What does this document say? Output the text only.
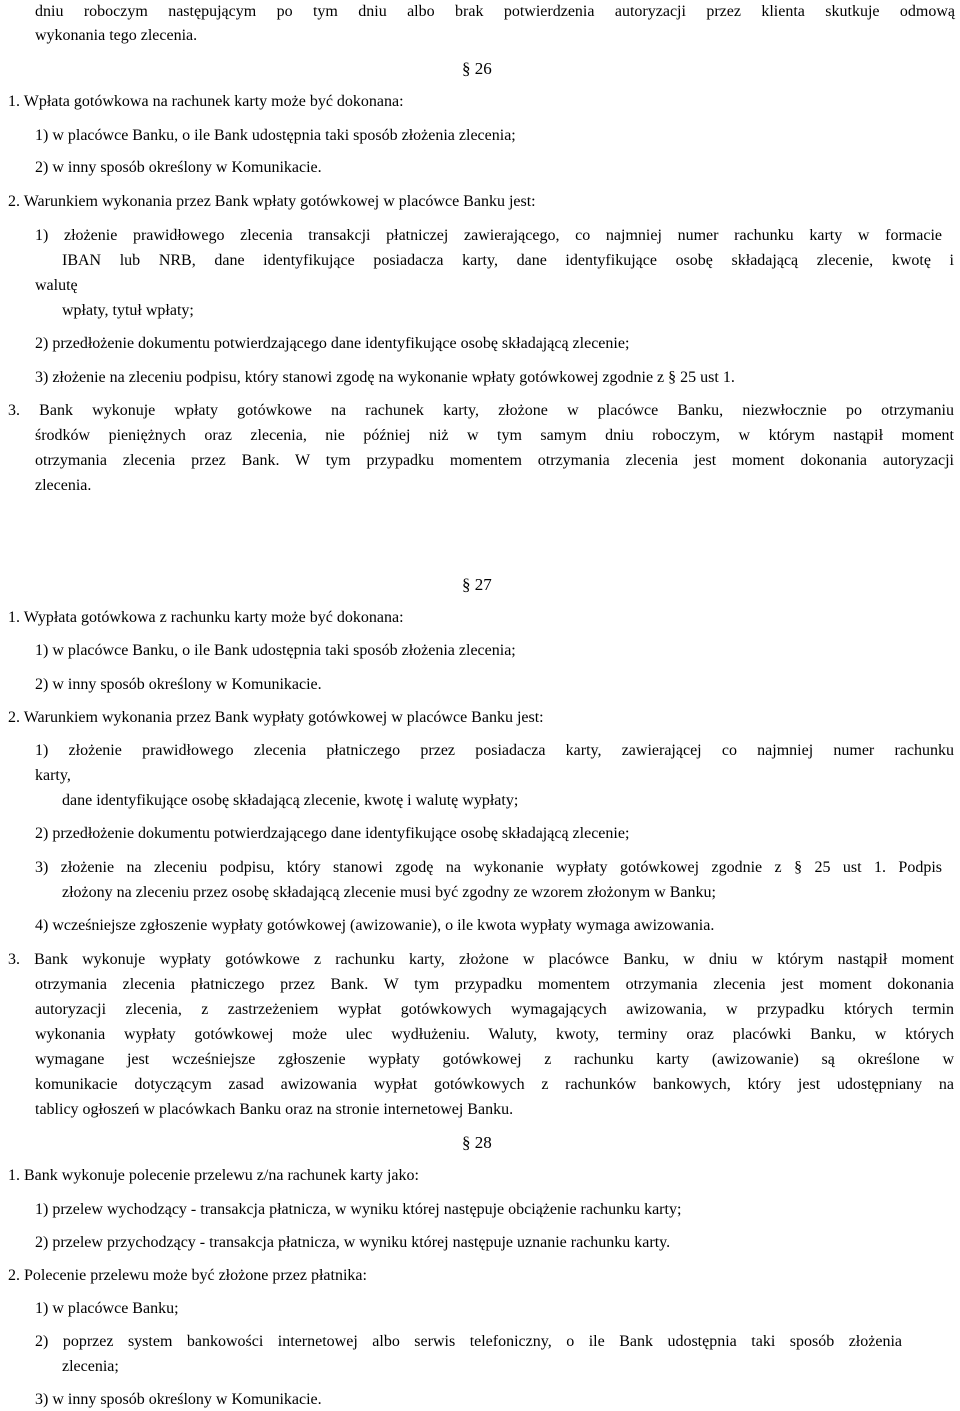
dniu roboczym następującym po tym dniu albo brak potwierdzenia autoryzacji przez klienta skutkuje odmową
wykonania tego zlecenia.
§ 26
1. Wpłata gotówkowa na rachunek karty może być dokonana:
1) w placówce Banku, o ile Bank udostępnia taki sposób złożenia zlecenia;
2) w inny sposób określony w Komunikacie.
2. Warunkiem wykonania przez Bank wpłaty gotówkowej w placówce Banku jest:
1) złożenie prawidłowego zlecenia transakcji płatniczej zawierającego, co najmniej numer rachunku karty w formacie
IBAN lub NRB, dane identyfikujące posiadacza karty, dane identyfikujące osobę składającą zlecenie, kwotę i
walutę
wpłaty, tytuł wpłaty;
2) przedłożenie dokumentu potwierdzającego dane identyfikujące osobę składającą zlecenie;
3) złożenie na zleceniu podpisu, który stanowi zgodę na wykonanie wpłaty gotówkowej zgodnie z § 25 ust 1.
3. Bank wykonuje wpłaty gotówkowe na rachunek karty, złożone w placówce Banku, niezwłocznie po otrzymaniu
środków pieniężnych oraz zlecenia, nie później niż w tym samym dniu roboczym, w którym nastąpił moment
otrzymania zlecenia przez Bank. W tym przypadku momentem otrzymania zlecenia jest moment dokonania autoryzacji
zlecenia.
§ 27
1. Wypłata gotówkowa z rachunku karty może być dokonana:
1) w placówce Banku, o ile Bank udostępnia taki sposób złożenia zlecenia;
2) w inny sposób określony w Komunikacie.
2. Warunkiem wykonania przez Bank wypłaty gotówkowej w placówce Banku jest:
1) złożenie prawidłowego zlecenia płatniczego przez posiadacza karty, zawierającej co najmniej numer rachunku
karty,
dane identyfikujące osobę składającą zlecenie, kwotę i walutę wypłaty;
2) przedłożenie dokumentu potwierdzającego dane identyfikujące osobę składającą zlecenie;
3) złożenie na zleceniu podpisu, który stanowi zgodę na wykonanie wypłaty gotówkowej zgodnie z § 25 ust 1. Podpis
złożony na zleceniu przez osobę składającą zlecenie musi być zgodny ze wzorem złożonym w Banku;
4) wcześniejsze zgłoszenie wypłaty gotówkowej (awizowanie), o ile kwota wypłaty wymaga awizowania.
3. Bank wykonuje wypłaty gotówkowe z rachunku karty, złożone w placówce Banku, w dniu w którym nastąpił moment
otrzymania zlecenia płatniczego przez Bank. W tym przypadku momentem otrzymania zlecenia jest moment dokonania
autoryzacji zlecenia, z zastrzeżeniem wypłat gotówkowych wymagających awizowania, w przypadku których termin
wykonania wypłaty gotówkowej może ulec wydłużeniu. Waluty, kwoty, terminy oraz placówki Banku, w których
wymagane jest wcześniejsze zgłoszenie wypłaty gotówkowej z rachunku karty (awizowanie) są określone w
komunikacie dotyczącym zasad awizowania wypłat gotówkowych z rachunków bankowych, który jest udostępniany na
tablicy ogłoszeń w placówkach Banku oraz na stronie internetowej Banku.
§ 28
1. Bank wykonuje polecenie przelewu z/na rachunek karty jako:
1) przelew wychodzący - transakcja płatnicza, w wyniku której następuje obciążenie rachunku karty;
2) przelew przychodzący - transakcja płatnicza, w wyniku której następuje uznanie rachunku karty.
2. Polecenie przelewu może być złożone przez płatnika:
1) w placówce Banku;
2) poprzez system bankowości internetowej albo serwis telefoniczny, o ile Bank udostępnia taki sposób złożenia
zlecenia;
3) w inny sposób określony w Komunikacie.
